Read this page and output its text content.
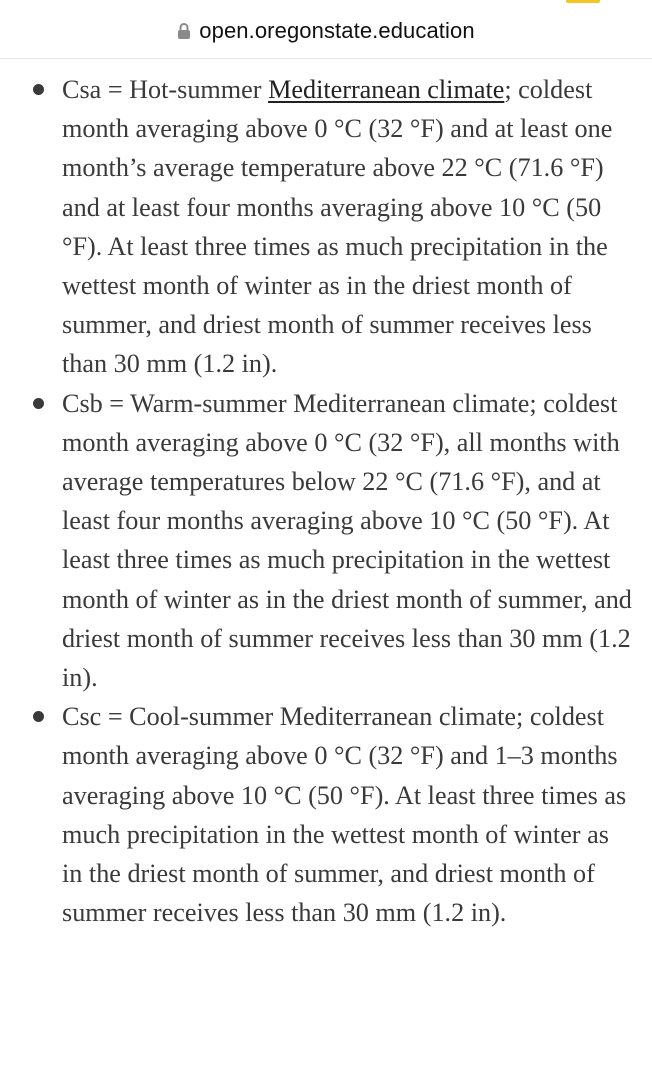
open.oregonstate.education

Csa = Hot-summer Mediterranean climate; coldest month averaging above 0 °C (32 °F) and at least one month’s average temperature above 22 °C (71.6 °F) and at least four months averaging above 10 °C (50 °F). At least three times as much precipitation in the wettest month of winter as in the driest month of summer, and driest month of summer receives less than 30 mm (1.2 in).
Csb = Warm-summer Mediterranean climate; coldest month averaging above 0 °C (32 °F), all months with average temperatures below 22 °C (71.6 °F), and at least four months averaging above 10 °C (50 °F). At least three times as much precipitation in the wettest month of winter as in the driest month of summer, and driest month of summer receives less than 30 mm (1.2 in).
Csc = Cool-summer Mediterranean climate; coldest month averaging above 0 °C (32 °F) and 1–3 months averaging above 10 °C (50 °F). At least three times as much precipitation in the wettest month of winter as in the driest month of summer, and driest month of summer receives less than 30 mm (1.2 in).
